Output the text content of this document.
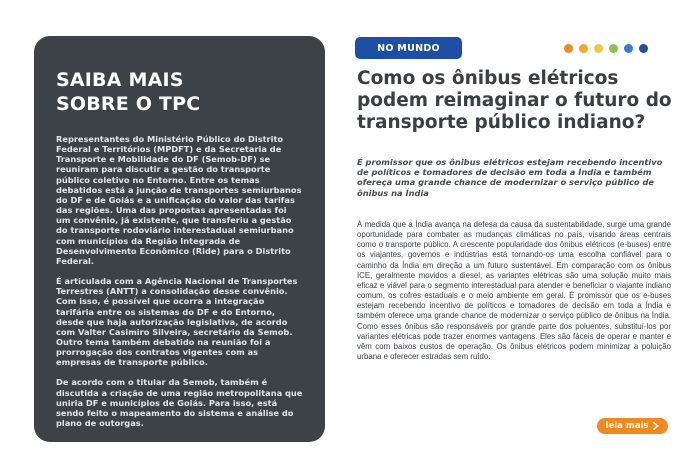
SAIBA MAIS
SOBRE O TPC

Representantes do Ministério Público do Distrito Federal e Territórios (MPDFT) e da Secretaria de Transporte e Mobilidade do DF (Semob-DF) se reuniram para discutir a gestão do transporte público coletivo no Entorno. Entre os temas debatidos está a junção de transportes semiurbanos do DF e de Goiás e a unificação do valor das tarifas das regiões. Uma das propostas apresentadas foi um convênio, já existente, que transferiu a gestão do transporte rodoviário interestadual semiurbano com municípios da Região Integrada de Desenvolvimento Econômico (Ride) para o Distrito Federal.

É articulada com a Agência Nacional de Transportes Terrestres (ANTT) a consolidação desse convênio. Com isso, é possível que ocorra a integração tarifária entre os sistemas do DF e do Entorno, desde que haja autorização legislativa, de acordo com Valter Casimiro Silveira, secretário da Semob. Outro tema também debatido na reunião foi a prorrogação dos contratos vigentes com as empresas de transporte público.

De acordo com o titular da Semob, também é discutida a criação de uma região metropolitana que uniria DF e municípios de Goiás. Para isso, está sendo feito o mapeamento do sistema e análise do plano de outorgas.

NO MUNDO
Como os ônibus elétricos podem reimaginar o futuro do transporte público indiano?

É promissor que os ônibus elétricos estejam recebendo incentivo de políticos e tomadores de decisão em toda a Índia e também ofereça uma grande chance de modernizar o serviço público de ônibus na Índia

À medida que a Índia avança na defesa da causa da sustentabilidade, surge uma grande oportunidade para combater as mudanças climáticas no país, visando áreas centrais como o transporte público. A crescente popularidade dos ônibus elétricos (e-buses) entre os viajantes, governos e indústrias está tornando-os uma escolha confiável para o caminho da Índia em direção a um futuro sustentável. Em comparação com os ônibus ICE, geralmente movidos a diesel, as variantes elétricas são uma solução muito mais eficaz e viável para o segmento interestadual para atender e beneficiar o viajante indiano comum, os cofres estaduais e o meio ambiente em geral. É promissor que os e-buses estejam recebendo incentivo de políticos e tomadores de decisão em toda a Índia e também oferece uma grande chance de modernizar o serviço público de ônibus na Índia. Como esses ônibus são responsáveis por grande parte dos poluentes, substituí-los por variantes elétricas pode trazer enormes vantagens. Eles são fáceis de operar e manter e vêm com baixos custos de operação. Os ônibus elétricos podem minimizar a poluição urbana e oferecer estradas sem ruído.

leia mais
